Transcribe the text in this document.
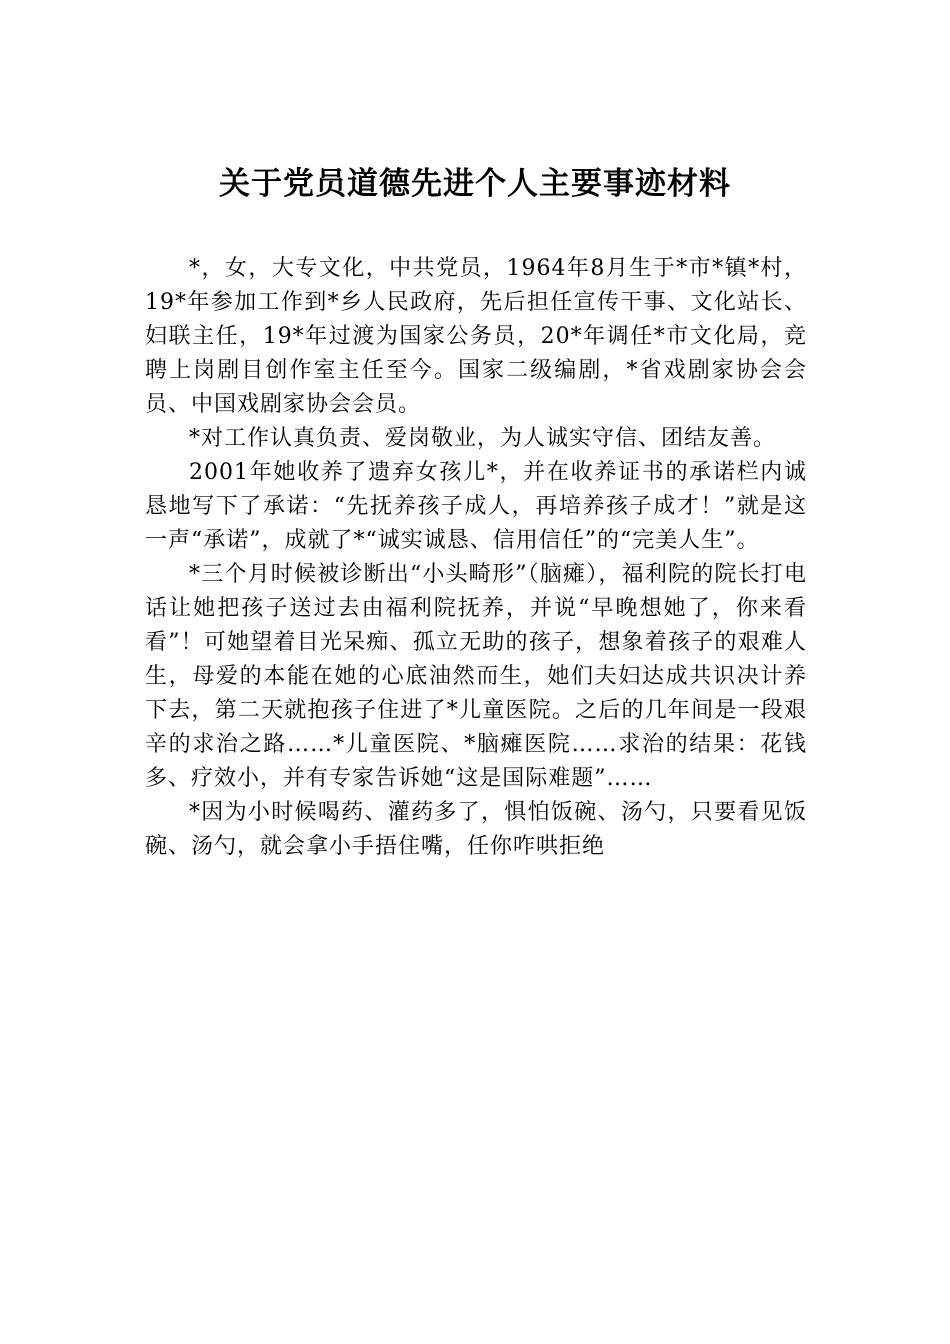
关于党员道德先进个人主要事迹材料

*，女，大专文化，中共党员，1964年8月生于*市*镇*村，19*年参加工作到*乡人民政府，先后担任宣传干事、文化站长、妇联主任，19*年过渡为国家公务员，20*年调任*市文化局，竞聘上岗剧目创作室主任至今。国家二级编剧，*省戏剧家协会会员、中国戏剧家协会会员。

*对工作认真负责、爱岗敬业，为人诚实守信、团结友善。

2001年她收养了遗弃女孩儿*，并在收养证书的承诺栏内诚恳地写下了承诺：“先抚养孩子成人，再培养孩子成才！”就是这一声“承诺”，成就了*“诚实诚恳、信用信任”的“完美人生”。

*三个月时候被诊断出“小头畸形”（脑瘫），福利院的院长打电话让她把孩子送过去由福利院抚养，并说“早晚想她了，你来看看”！可她望着目光呆痴、孤立无助的孩子，想象着孩子的艰难人生，母爱的本能在她的心底油然而生，她们夫妇达成共识决计养下去，第二天就抱孩子住进了*儿童医院。之后的几年间是一段艰辛的求治之路……*儿童医院、*脑瘫医院……求治的结果：花钱多、疗效小，并有专家告诉她“这是国际难题”……

*因为小时候喝药、灌药多了，惧怕饭碗、汤勺，只要看见饭碗、汤勺，就会拿小手捂住嘴，任你咋哄拒绝
